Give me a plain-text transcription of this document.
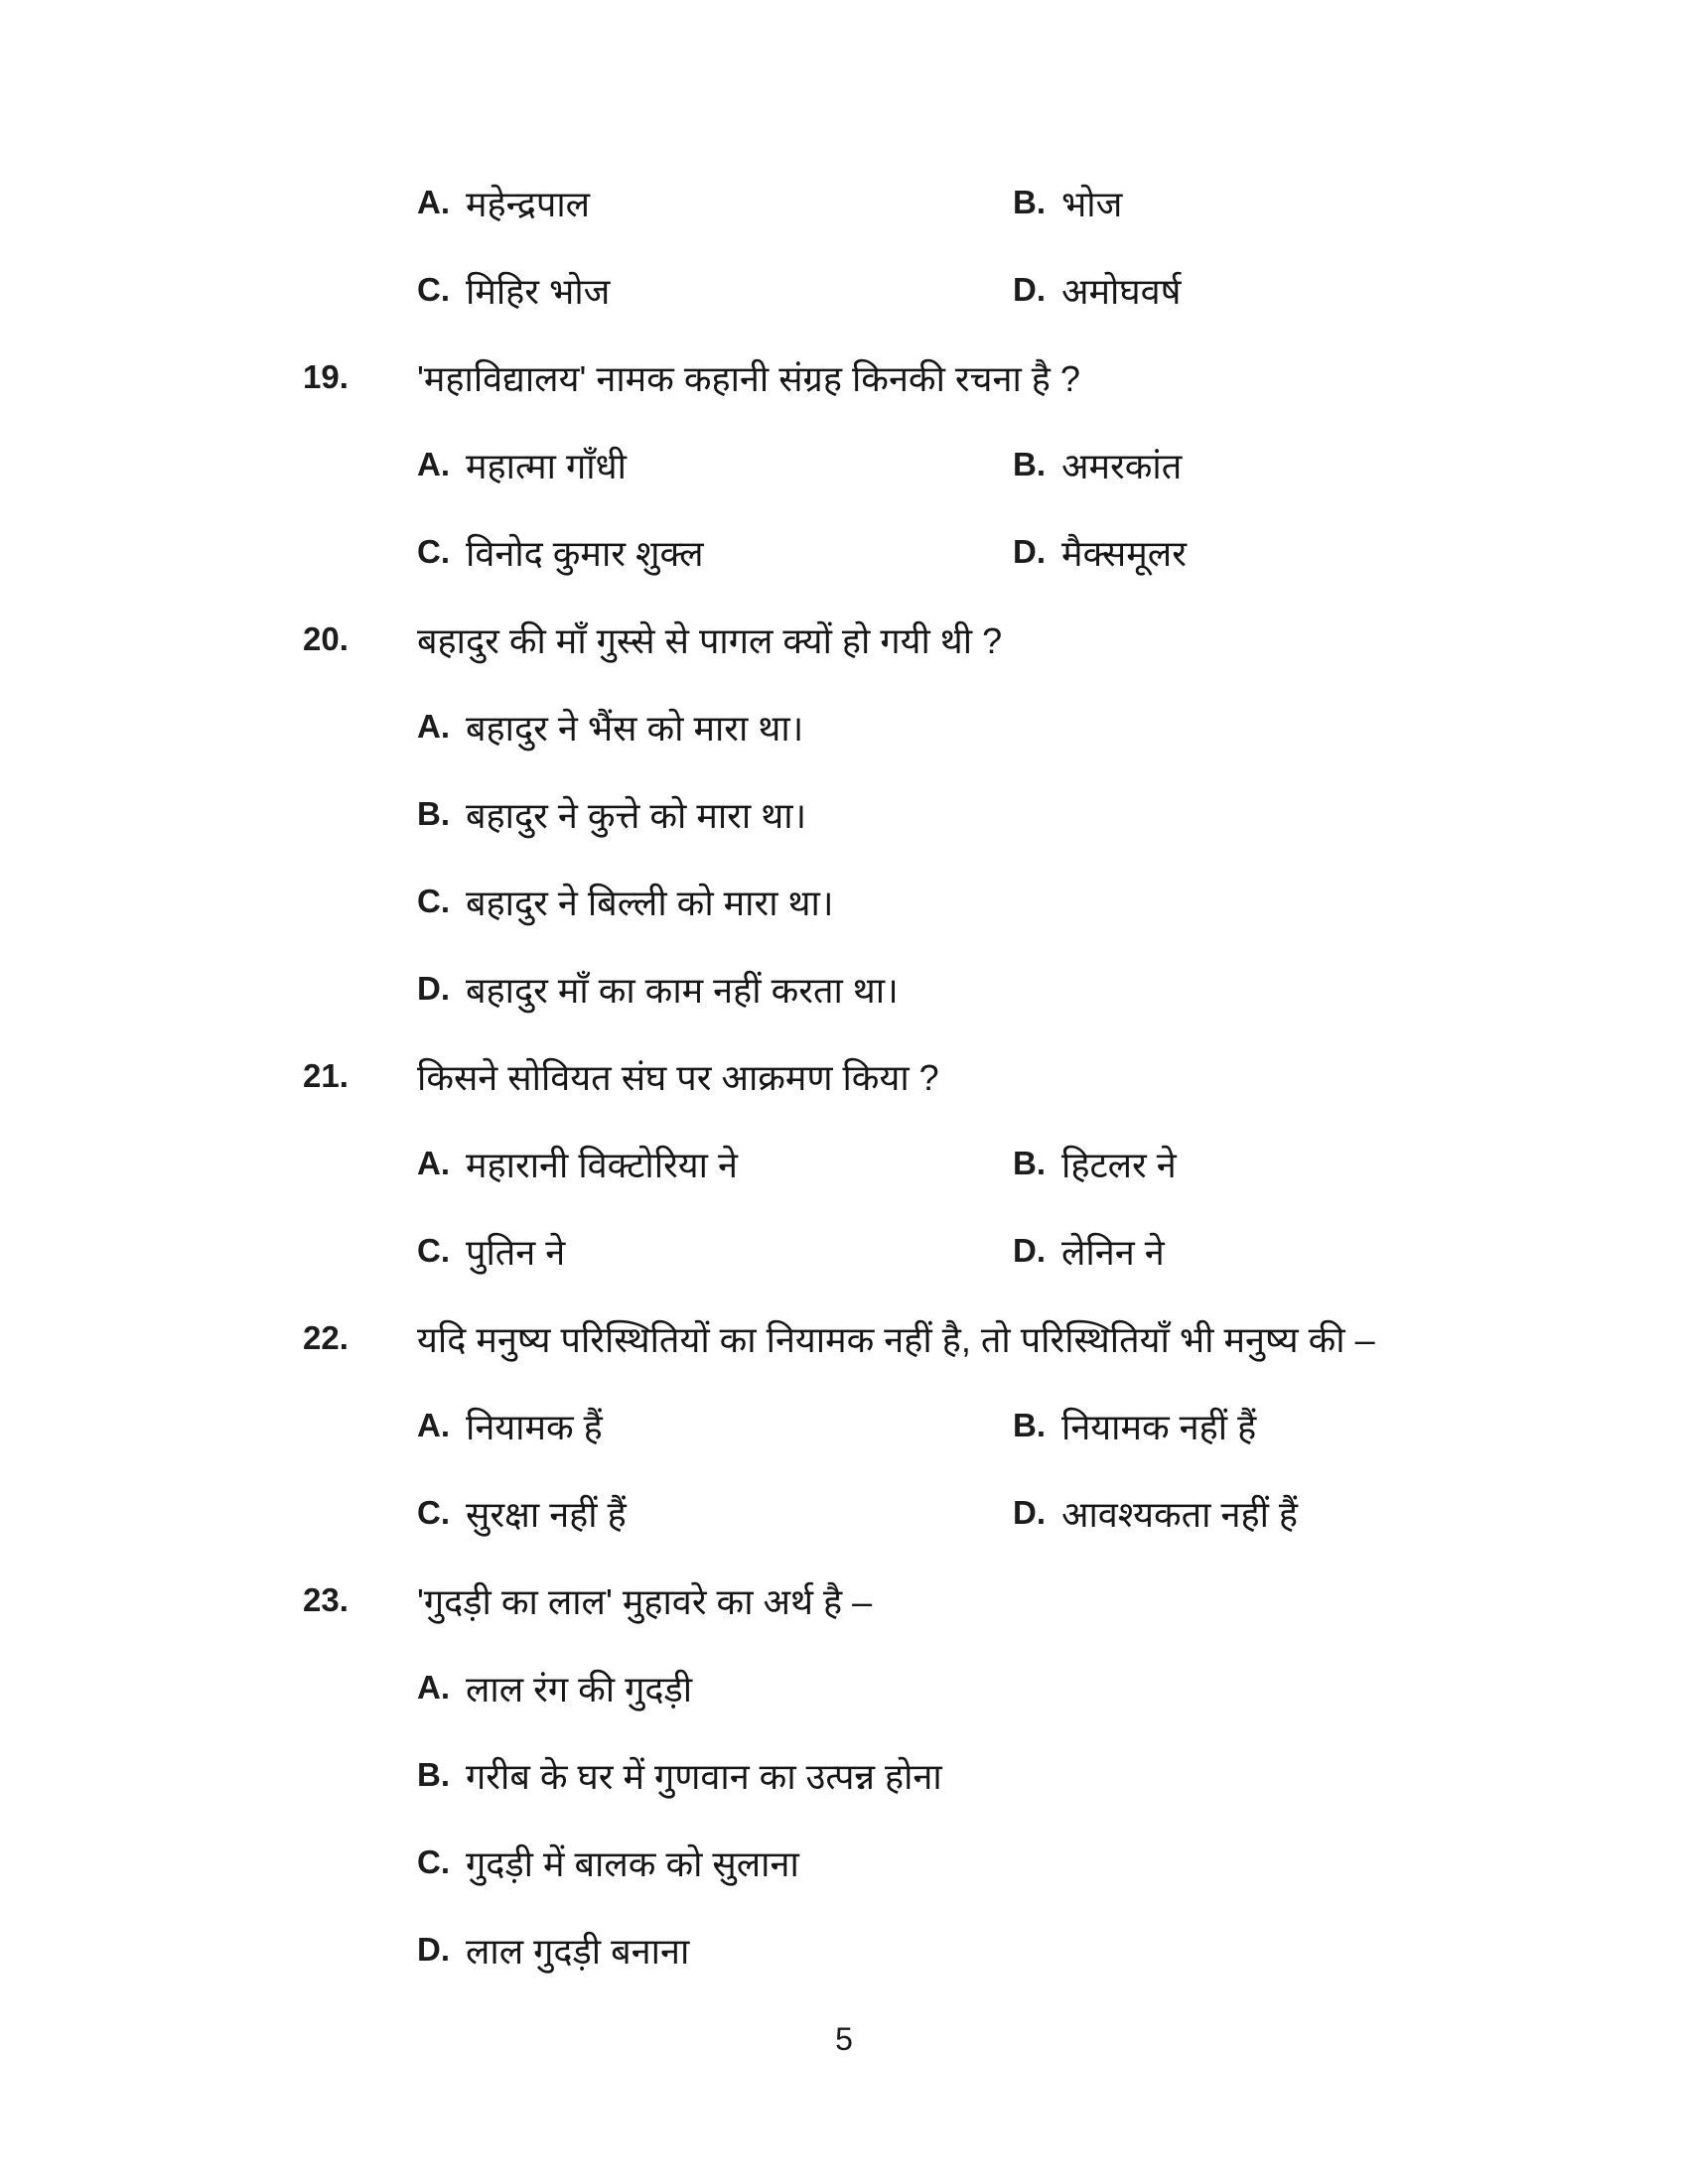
A. महेन्द्रपाल	B. भोज
C. मिहिर भोज	D. अमोघवर्ष
19.	'महाविद्यालय' नामक कहानी संग्रह किनकी रचना है ?
A. महात्मा गाँधी	B. अमरकांत
C. विनोद कुमार शुक्ल	D. मैक्समूलर
20.	बहादुर की माँ गुस्से से पागल क्यों हो गयी थी ?
A. बहादुर ने भैंस को मारा था।
B. बहादुर ने कुत्ते को मारा था।
C. बहादुर ने बिल्ली को मारा था।
D. बहादुर माँ का काम नहीं करता था।
21.	किसने सोवियत संघ पर आक्रमण किया ?
A. महारानी विक्टोरिया ने	B. हिटलर ने
C. पुतिन ने	D. लेनिन ने
22.	यदि मनुष्य परिस्थितियों का नियामक नहीं है, तो परिस्थितियाँ भी मनुष्य की –
A. नियामक हैं	B. नियामक नहीं हैं
C. सुरक्षा नहीं हैं	D. आवश्यकता नहीं हैं
23.	'गुदड़ी का लाल' मुहावरे का अर्थ है –
A. लाल रंग की गुदड़ी
B. गरीब के घर में गुणवान का उत्पन्न होना
C. गुदड़ी में बालक को सुलाना
D. लाल गुदड़ी बनाना
5
